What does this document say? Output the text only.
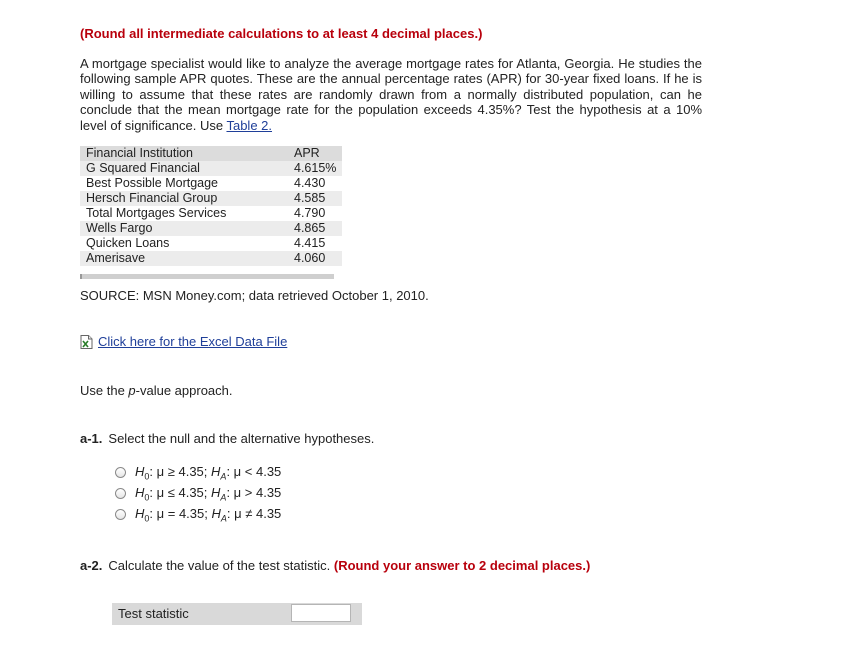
(Round all intermediate calculations to at least 4 decimal places.)
A mortgage specialist would like to analyze the average mortgage rates for Atlanta, Georgia. He studies the following sample APR quotes. These are the annual percentage rates (APR) for 30-year fixed loans. If he is willing to assume that these rates are randomly drawn from a normally distributed population, can he conclude that the mean mortgage rate for the population exceeds 4.35%? Test the hypothesis at a 10% level of significance. Use Table 2.
Financial Institution	APR
G Squared Financial	4.615%
Best Possible Mortgage	4.430
Hersch Financial Group	4.585
Total Mortgages Services	4.790
Wells Fargo	4.865
Quicken Loans	4.415
Amerisave	4.060
SOURCE: MSN Money.com; data retrieved October 1, 2010.
Click here for the Excel Data File
Use the p-value approach.
a-1. Select the null and the alternative hypotheses.
$H_0$: μ ≥ 4.35; $H_A$: μ < 4.35
$H_0$: μ ≤ 4.35; $H_A$: μ > 4.35
$H_0$: μ = 4.35; $H_A$: μ ≠ 4.35
a-2. Calculate the value of the test statistic. (Round your answer to 2 decimal places.)
Test statistic
